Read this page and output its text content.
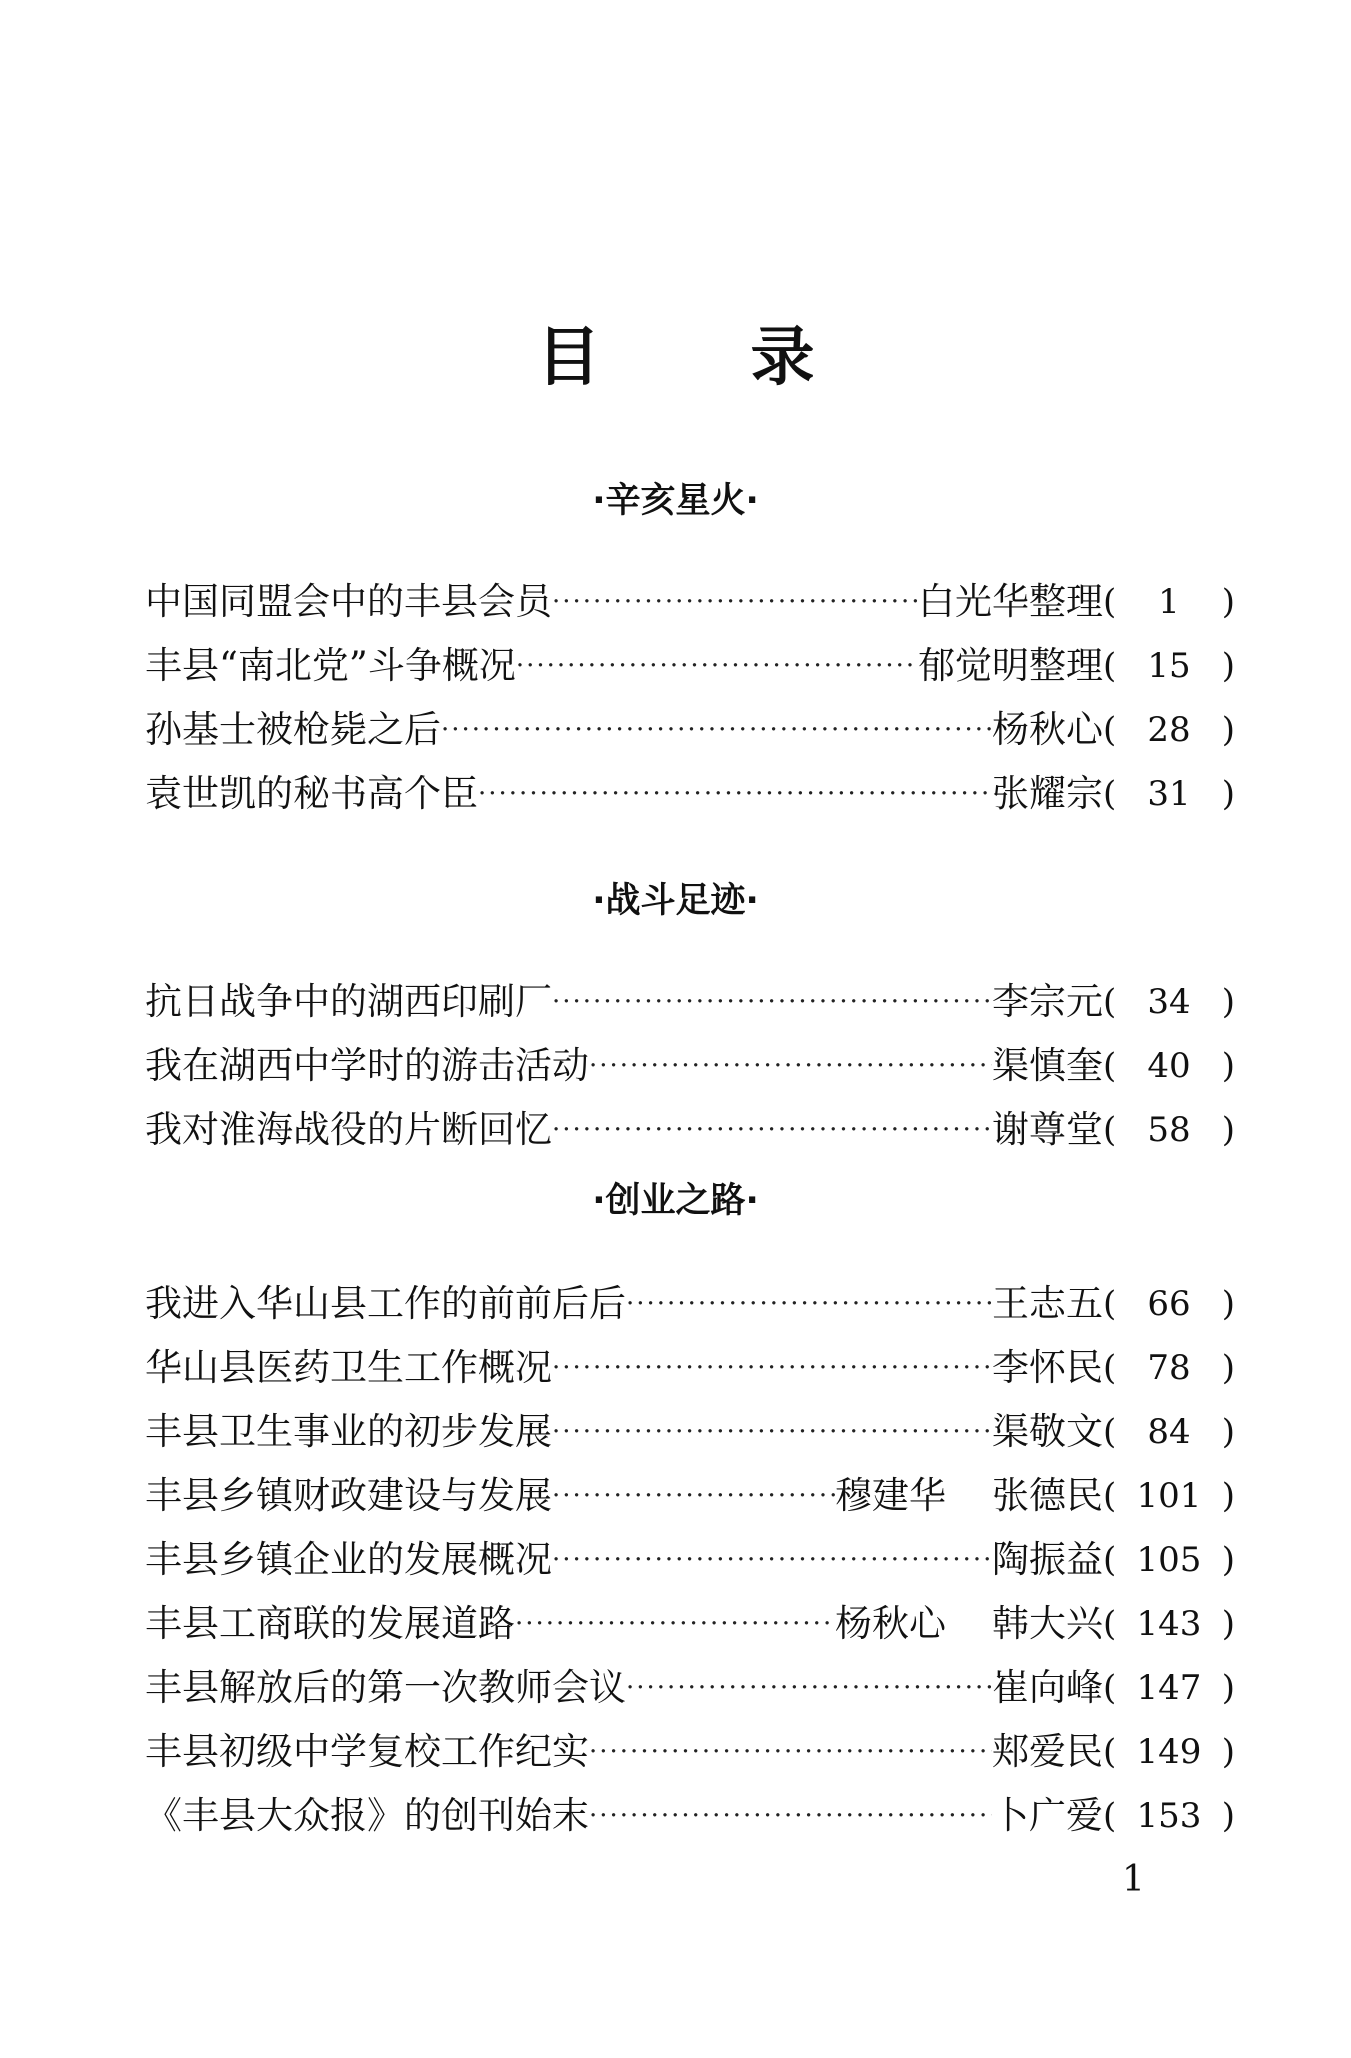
目 录
·辛亥星火·
中国同盟会中的丰县会员 ·····	白光华整理 (	1	)
丰县“南北党”斗争概况 ·····	郁觉明整理 ( 15 )
孙基士被枪毙之后 ·····	杨秋心 ( 28 )
袁世凯的秘书高个臣 ·····	张耀宗 ( 31 )
·战斗足迹·
抗日战争中的湖西印刷厂 ·····	李宗元 ( 34 )
我在湖西中学时的游击活动 ·····	渠慎奎 ( 40 )
我对淮海战役的片断回忆 ·····	谢尊堂 ( 58 )
·创业之路·
我进入华山县工作的前前后后 ·····	王志五 ( 66 )
华山县医药卫生工作概况 ·····	李怀民 ( 78 )
丰县卫生事业的初步发展 ·····	渠敬文 ( 84 )
丰县乡镇财政建设与发展 ·····	穆建华 张德民 ( 101 )
丰县乡镇企业的发展概况 ·····	陶振益 ( 105 )
丰县工商联的发展道路 ·····	杨秋心 韩大兴 ( 143 )
丰县解放后的第一次教师会议 ·····	崔向峰 ( 147 )
丰县初级中学复校工作纪实 ·····	郏爱民 ( 149 )
《丰县大众报》的创刊始末 ·····	卜广爱 ( 153 )
1
